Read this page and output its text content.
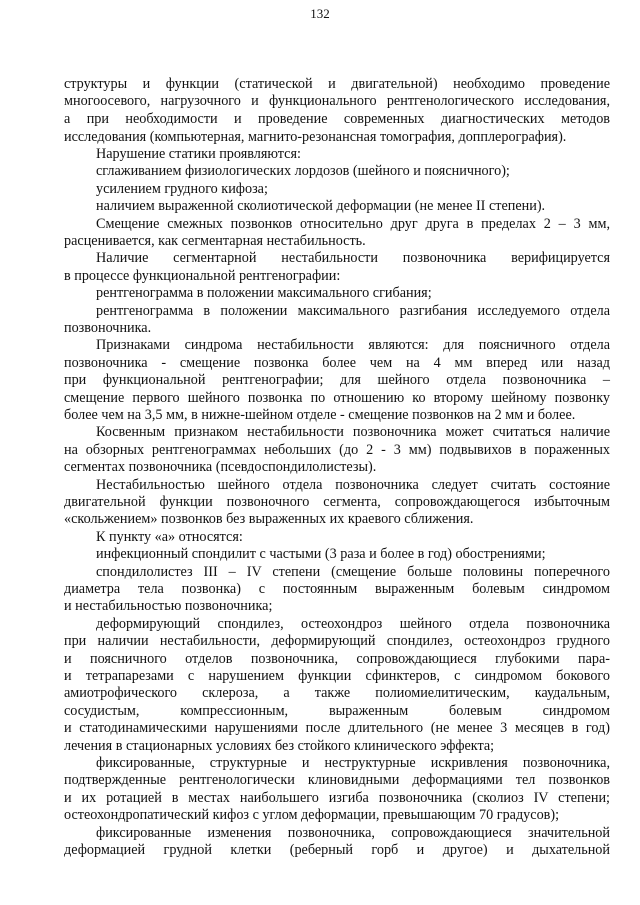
132
структуры и функции (статической и двигательной) необходимо проведение
многоосевого, нагрузочного и функционального рентгенологического исследования,
а при необходимости и проведение современных диагностических методов
исследования (компьютерная, магнито-резонансная томография, допплерография).
Нарушение статики проявляются:
сглаживанием физиологических лордозов (шейного и поясничного);
усилением грудного кифоза;
наличием выраженной сколиотической деформации (не менее II степени).
Смещение смежных позвонков относительно друг друга в пределах 2 – 3 мм,
расценивается, как сегментарная нестабильность.
Наличие сегментарной нестабильности позвоночника верифицируется
в процессе функциональной рентгенографии:
рентгенограмма в положении максимального сгибания;
рентгенограмма в положении максимального разгибания исследуемого отдела
позвоночника.
Признаками синдрома нестабильности являются: для поясничного отдела
позвоночника - смещение позвонка более чем на 4 мм вперед или назад
при функциональной рентгенографии; для шейного отдела позвоночника –
смещение первого шейного позвонка по отношению ко второму шейному позвонку
более чем на 3,5 мм, в нижне-шейном отделе - смещение позвонков на 2 мм и более.
Косвенным признаком нестабильности позвоночника может считаться наличие
на обзорных рентгенограммах небольших (до 2 - 3 мм) подвывихов в пораженных
сегментах позвоночника (псевдоспондилолистезы).
Нестабильностью шейного отдела позвоночника следует считать состояние
двигательной функции позвоночного сегмента, сопровождающегося избыточным
«скольжением» позвонков без выраженных их краевого сближения.
К пункту «а» относятся:
инфекционный спондилит с частыми (3 раза и более в год) обострениями;
спондилолистез III – IV степени (смещение больше половины поперечного
диаметра тела позвонка) с постоянным выраженным болевым синдромом
и нестабильностью позвоночника;
деформирующий спондилез, остеохондроз шейного отдела позвоночника
при наличии нестабильности, деформирующий спондилез, остеохондроз грудного
и поясничного отделов позвоночника, сопровождающиеся глубокими пара-
и тетрапарезами с нарушением функции сфинктеров, с синдромом бокового
амиотрофического склероза, а также полиомиелитическим, каудальным,
сосудистым, компрессионным, выраженным болевым синдромом
и статодинамическими нарушениями после длительного (не менее 3 месяцев в год)
лечения в стационарных условиях без стойкого клинического эффекта;
фиксированные, структурные и неструктурные искривления позвоночника,
подтвержденные рентгенологически клиновидными деформациями тел позвонков
и их ротацией в местах наибольшего изгиба позвоночника (сколиоз IV степени;
остеохондропатический кифоз с углом деформации, превышающим 70 градусов);
фиксированные изменения позвоночника, сопровождающиеся значительной
деформацией грудной клетки (реберный горб и другое) и дыхательной
